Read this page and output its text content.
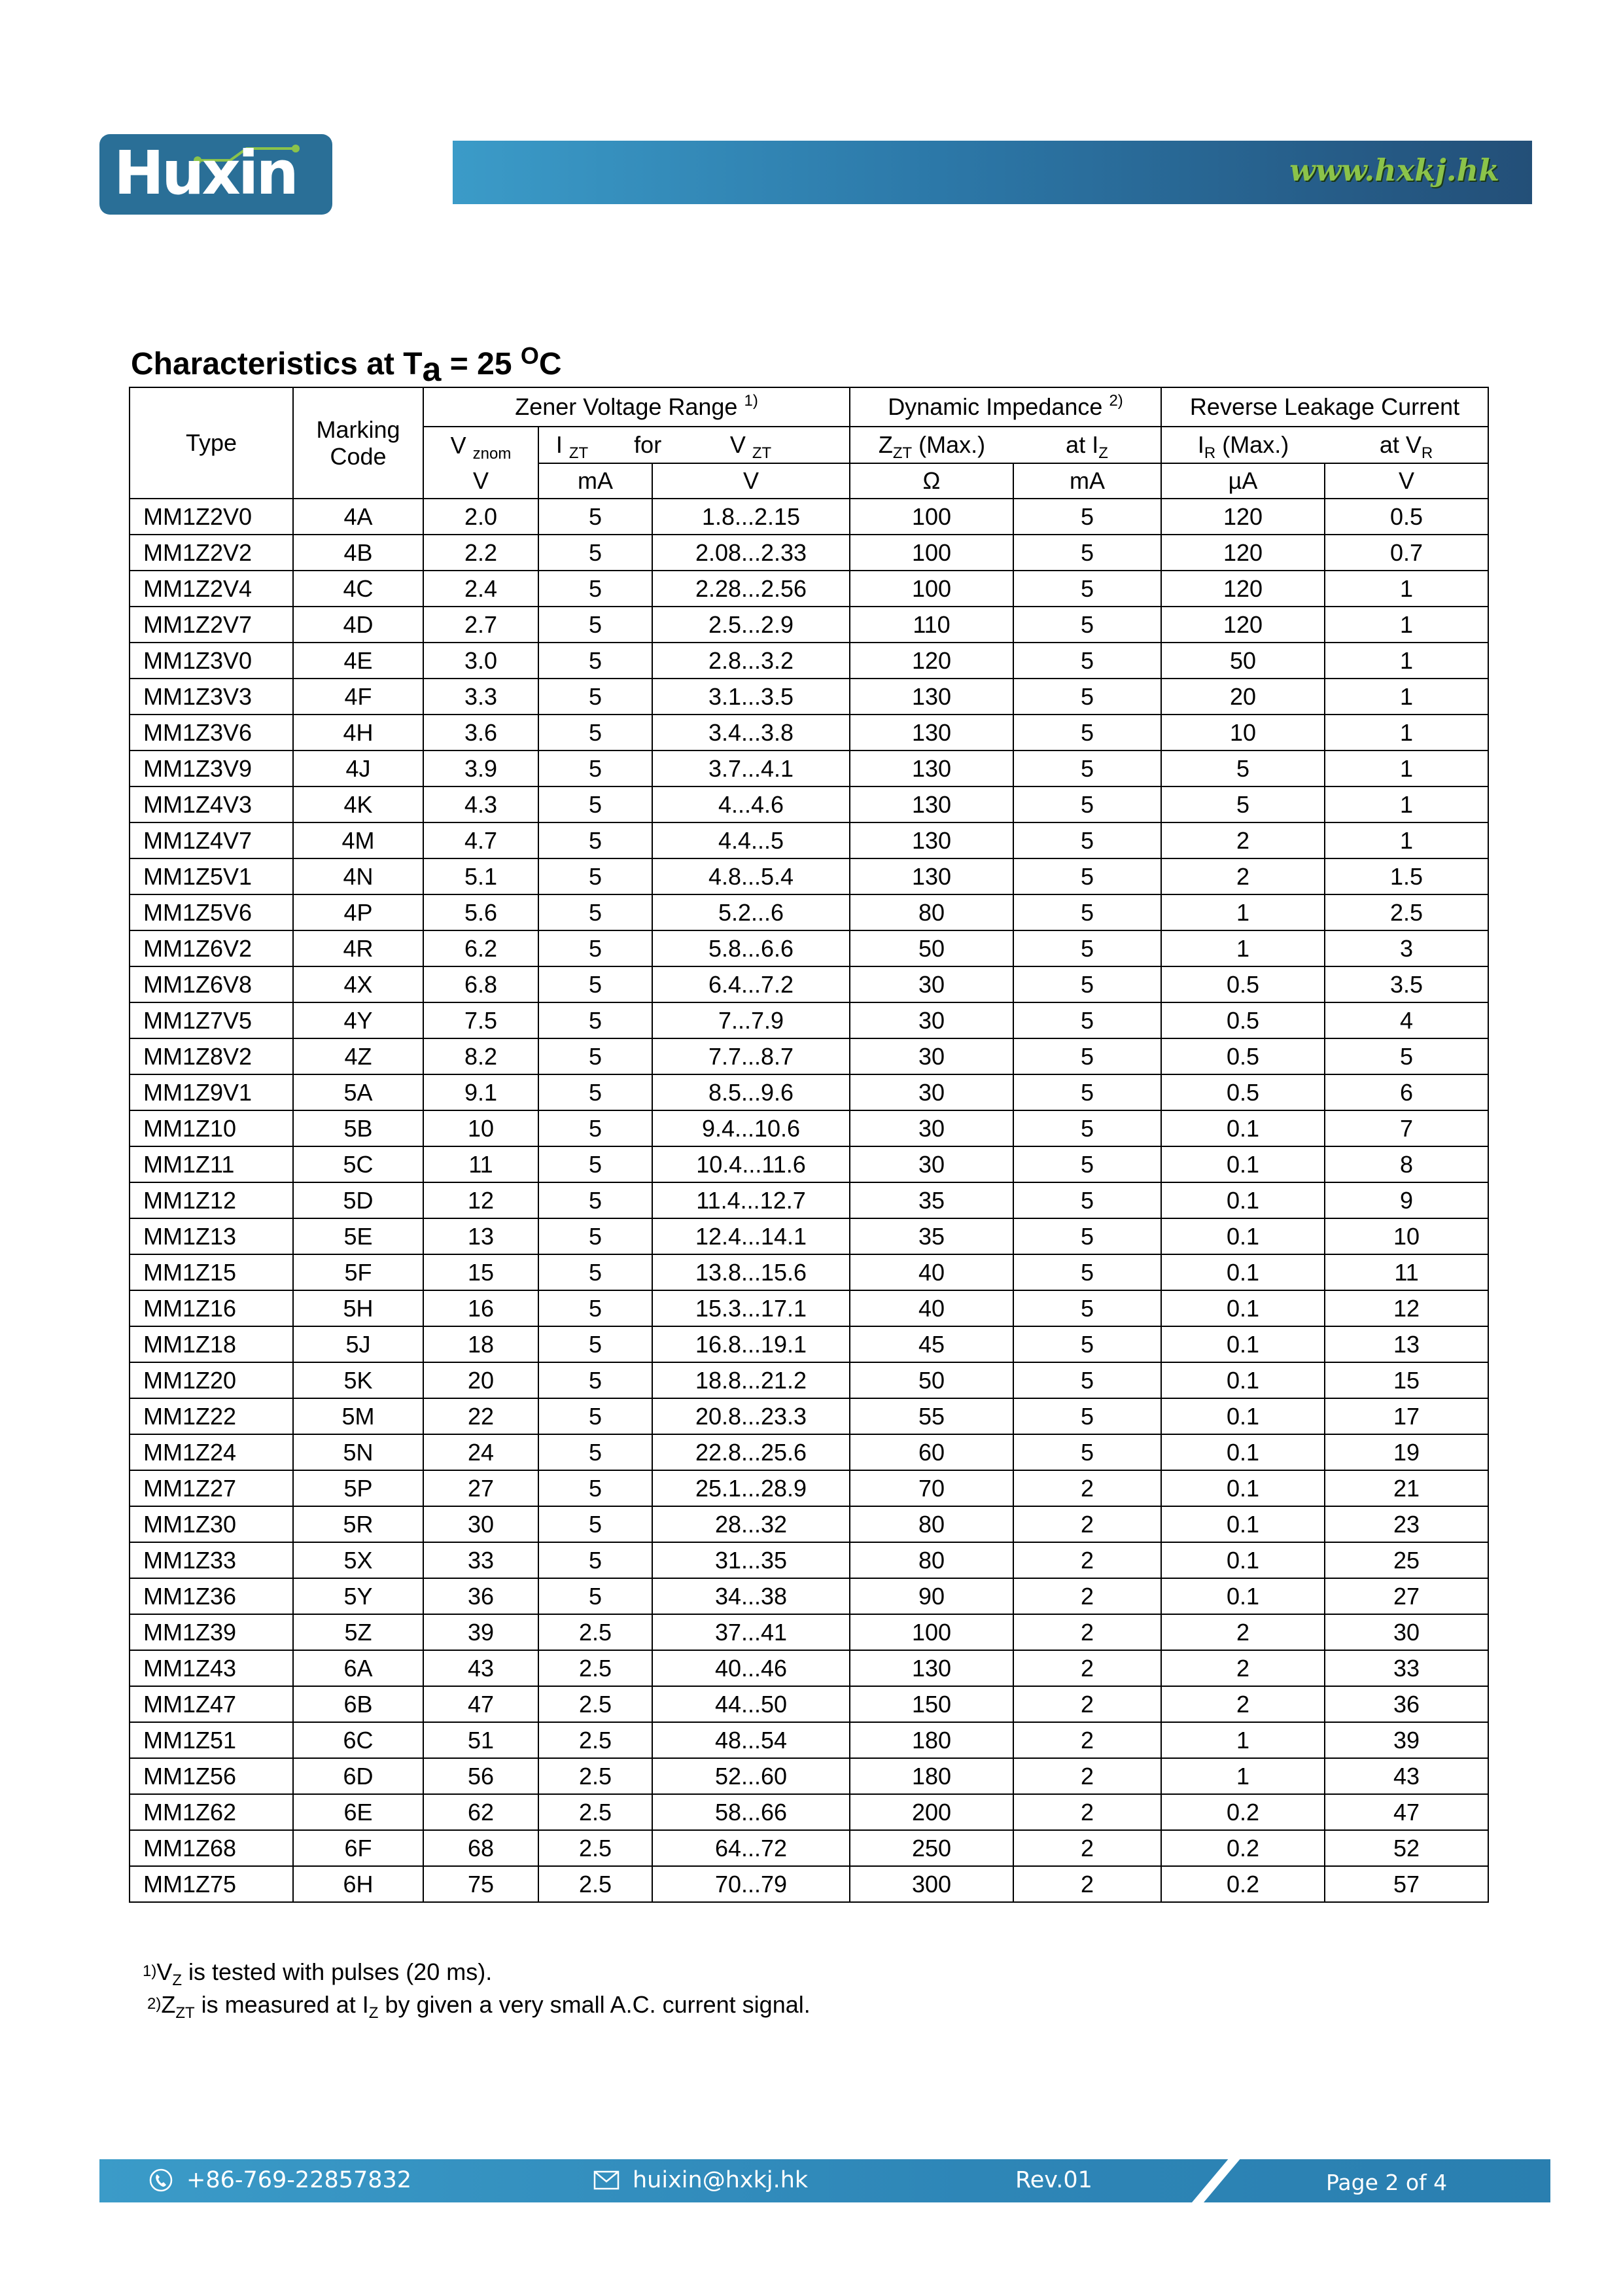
Huxin	www.hxkj.hk
Characteristics at Ta = 25 $^O$C
Type	Marking Code	Zener Voltage Range $^{1)}$			Dynamic Impedance $^{2)}$		Reverse Leakage Current	
		V $_{znom}$	I $_{ZT}$ for	V $_{ZT}$	$Z_{ZT}$ (Max.)	at $I_Z$	$I_R$ (Max.)	at $V_R$
		V	mA	V	Ω	mA	µA	V
MM1Z2V0	4A	2.0	5	1.8...2.15	100	5	120	0.5
MM1Z2V2	4B	2.2	5	2.08...2.33	100	5	120	0.7
MM1Z2V4	4C	2.4	5	2.28...2.56	100	5	120	1
MM1Z2V7	4D	2.7	5	2.5...2.9	110	5	120	1
MM1Z3V0	4E	3.0	5	2.8...3.2	120	5	50	1
MM1Z3V3	4F	3.3	5	3.1...3.5	130	5	20	1
MM1Z3V6	4H	3.6	5	3.4...3.8	130	5	10	1
MM1Z3V9	4J	3.9	5	3.7...4.1	130	5	5	1
MM1Z4V3	4K	4.3	5	4...4.6	130	5	5	1
MM1Z4V7	4M	4.7	5	4.4...5	130	5	2	1
MM1Z5V1	4N	5.1	5	4.8...5.4	130	5	2	1.5
MM1Z5V6	4P	5.6	5	5.2...6	80	5	1	2.5
MM1Z6V2	4R	6.2	5	5.8...6.6	50	5	1	3
MM1Z6V8	4X	6.8	5	6.4...7.2	30	5	0.5	3.5
MM1Z7V5	4Y	7.5	5	7...7.9	30	5	0.5	4
MM1Z8V2	4Z	8.2	5	7.7...8.7	30	5	0.5	5
MM1Z9V1	5A	9.1	5	8.5...9.6	30	5	0.5	6
MM1Z10	5B	10	5	9.4...10.6	30	5	0.1	7
MM1Z11	5C	11	5	10.4...11.6	30	5	0.1	8
MM1Z12	5D	12	5	11.4...12.7	35	5	0.1	9
MM1Z13	5E	13	5	12.4...14.1	35	5	0.1	10
MM1Z15	5F	15	5	13.8...15.6	40	5	0.1	11
MM1Z16	5H	16	5	15.3...17.1	40	5	0.1	12
MM1Z18	5J	18	5	16.8...19.1	45	5	0.1	13
MM1Z20	5K	20	5	18.8...21.2	50	5	0.1	15
MM1Z22	5M	22	5	20.8...23.3	55	5	0.1	17
MM1Z24	5N	24	5	22.8...25.6	60	5	0.1	19
MM1Z27	5P	27	5	25.1...28.9	70	2	0.1	21
MM1Z30	5R	30	5	28...32	80	2	0.1	23
MM1Z33	5X	33	5	31...35	80	2	0.1	25
MM1Z36	5Y	36	5	34...38	90	2	0.1	27
MM1Z39	5Z	39	2.5	37...41	100	2	2	30
MM1Z43	6A	43	2.5	40...46	130	2	2	33
MM1Z47	6B	47	2.5	44...50	150	2	2	36
MM1Z51	6C	51	2.5	48...54	180	2	1	39
MM1Z56	6D	56	2.5	52...60	180	2	1	43
MM1Z62	6E	62	2.5	58...66	200	2	0.2	47
MM1Z68	6F	68	2.5	64...72	250	2	0.2	52
MM1Z75	6H	75	2.5	70...79	300	2	0.2	57
$^{1)}V_Z$ is tested with pulses (20 ms).
$^{2)}Z_{ZT}$ is measured at $I_Z$ by given a very small A.C. current signal.
+86-769-22857832	huixin@hxkj.hk	Rev.01	Page 2 of 4
